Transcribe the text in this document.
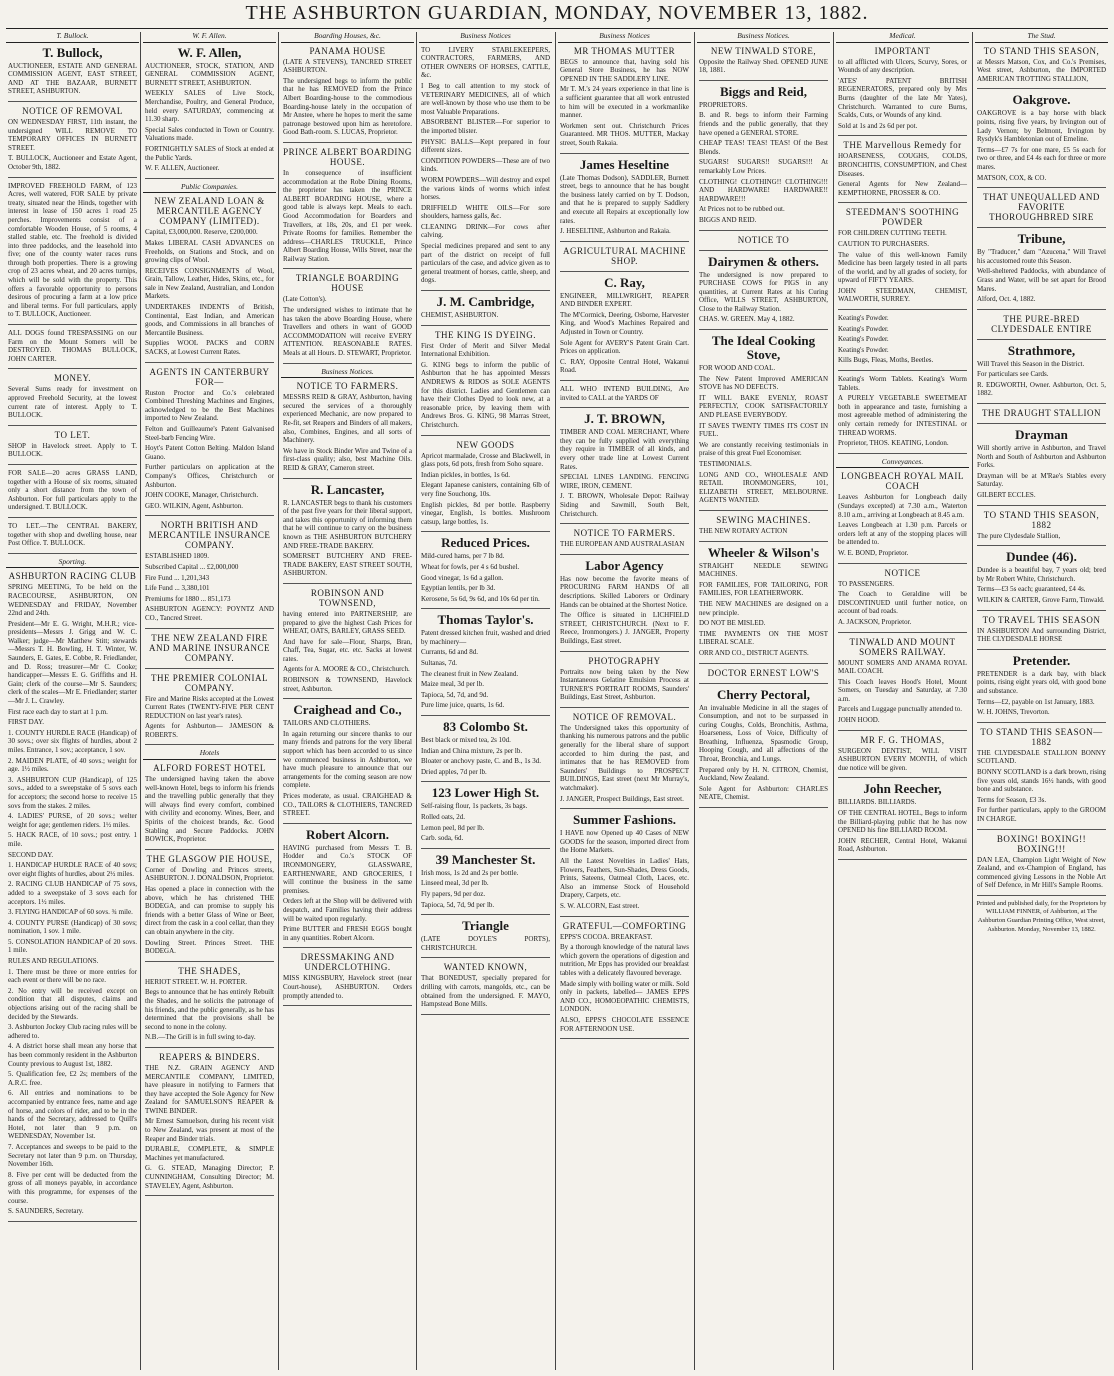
THE ASHBURTON GUARDIAN, MONDAY, NOVEMBER 13, 1882.
T. Bullock.
T. Bullock,

AUCTIONEER, ESTATE AND GENERAL COMMISSION AGENT, EAST STREET, AND AT THE BAZAAR, BURNETT STREET, ASHBURTON.

NOTICE OF REMOVAL

ON WEDNESDAY FIRST, 11th instant, the undersigned WILL REMOVE TO TEMPORARY OFFICES IN BURNETT STREET.

T. BULLOCK, Auctioneer and Estate Agent, October 9th, 1882.

IMPROVED FREEHOLD FARM, of 123 Acres, well watered, FOR SALE by private treaty, situated near the Hinds, together with interest in lease of 150 acres 1 road 25 perches. Improvements consist of a comfortable Wooden House, of 5 rooms, 4 stalled stable, etc. The freehold is divided into three paddocks, and the leasehold into five; one of the county water races runs through both properties. There is a growing crop of 23 acres wheat, and 20 acres turnips, which will be sold with the property. This offers a favorable opportunity to persons desirous of procuring a farm at a low price and liberal terms. For full particulars, apply to T. BULLOCK, Auctioneer.

ALL DOGS found TRESPASSING on our Farm on the Mount Somers will be DESTROYED. THOMAS BULLOCK, JOHN CARTER.

MONEY.

Several Sums ready for investment on approved Freehold Security, at the lowest current rate of interest. Apply to T. BULLOCK.

TO LET.

SHOP in Havelock street. Apply to T. BULLOCK.

FOR SALE—20 acres GRASS LAND, together with a House of six rooms, situated only a short distance from the town of Ashburton. For full particulars apply to the undersigned. T. BULLOCK.

TO LET.—The CENTRAL BAKERY, together with shop and dwelling house, near Post Office. T. BULLOCK.

Sporting.
ASHBURTON RACING CLUB

SPRING MEETING, To be held on the RACECOURSE, ASHBURTON, ON WEDNESDAY and FRIDAY, November 22nd and 24th.

President—Mr E. G. Wright, M.H.R.; vice-presidents—Messrs J. Grigg and W. C. Walker; judge—Mr Matthew Stitt; stewards—Messrs T. H. Bowling, H. T. Winter, W. Saunders, E. Gates, E. Cobbe, R. Friedlander, and D. Ross; treasurer—Mr C. Cooke; handicapper—Messrs E. G. Griffiths and H. Gain; clerk of the course—Mr S. Saunders; clerk of the scales—Mr E. Friedlander; starter—Mr J. L. Crawley.

First race each day to start at 1 p.m.

FIRST DAY.

1. COUNTY HURDLE RACE (Handicap) of 30 sovs.; over six flights of hurdles, about 2 miles. Entrance, 1 sov.; acceptance, 1 sov.

2. MAIDEN PLATE, of 40 sovs.; weight for age. 1½ miles.

3. ASHBURTON CUP (Handicap), of 125 sovs., added to a sweepstake of 5 sovs each for acceptors; the second horse to receive 15 sovs from the stakes. 2 miles.

4. LADIES' PURSE, of 20 sovs.; welter weight for age; gentlemen riders. 1½ miles.

5. HACK RACE, of 10 sovs.; post entry. 1 mile.

SECOND DAY.

1. HANDICAP HURDLE RACE of 40 sovs; over eight flights of hurdles, about 2½ miles.

2. RACING CLUB HANDICAP of 75 sovs, added to a sweepstake of 3 sovs each for acceptors. 1½ miles.

3. FLYING HANDICAP of 60 sovs. ¾ mile.

4. COUNTY PURSE (Handicap) of 30 sovs; nomination, 1 sov. 1 mile.

5. CONSOLATION HANDICAP of 20 sovs. 1 mile.

RULES AND REGULATIONS.

1. There must be three or more entries for each event or there will be no race.

2. No entry will be received except on condition that all disputes, claims and objections arising out of the racing shall be decided by the Stewards.

3. Ashburton Jockey Club racing rules will be adhered to.

4. A district horse shall mean any horse that has been commonly resident in the Ashburton County previous to August 1st, 1882.

5. Qualification fee, £2 2s; members of the A.R.C. free.

6. All entries and nominations to be accompanied by entrance fees, name and age of horse, and colors of rider, and to be in the hands of the Secretary, addressed to Quill's Hotel, not later than 9 p.m. on WEDNESDAY, November 1st.

7. Acceptances and sweeps to be paid to the Secretary not later than 9 p.m. on Thursday, November 16th.

8. Five per cent will be deducted from the gross of all moneys payable, in accordance with this programme, for expenses of the course.

S. SAUNDERS, Secretary.

W. F. Allen.
W. F. Allen,

AUCTIONEER, STOCK, STATION, AND GENERAL COMMISSION AGENT, BURNETT STREET, ASHBURTON.

WEEKLY SALES of Live Stock, Merchandise, Poultry, and General Produce, held every SATURDAY, commencing at 11.30 sharp.

Special Sales conducted in Town or Country. Valuations made.

FORTNIGHTLY SALES of Stock at ended at the Public Yards.

W. F. ALLEN, Auctioneer.

Public Companies.
NEW ZEALAND LOAN & MERCANTILE AGENCY COMPANY (LIMITED).

Capital, £3,000,000. Reserve, £200,000.

Makes LIBERAL CASH ADVANCES on Freeholds, on Stations and Stock, and on growing clips of Wool.

RECEIVES CONSIGNMENTS of Wool, Grain, Tallow, Leather, Hides, Skins, etc., for sale in New Zealand, Australian, and London Markets.

UNDERTAKES INDENTS of British, Continental, East Indian, and American goods, and Commissions in all branches of Mercantile Business.

Supplies WOOL PACKS and CORN SACKS, at Lowest Current Rates.

AGENTS IN CANTERBURY FOR—

Ruston Proctor and Co.'s celebrated Combined Threshing Machines and Engines, acknowledged to be the Best Machines imported to New Zealand.

Felton and Guilleaume's Patent Galvanised Steel-barb Fencing Wire.

Hoyt's Patent Cotton Belting. Maldon Island Guano.

Further particulars on application at the Company's Offices, Christchurch or Ashburton.

JOHN COOKE, Manager, Christchurch.

GEO. WILKIN, Agent, Ashburton.

NORTH BRITISH AND MERCANTILE INSURANCE COMPANY.

ESTABLISHED 1809.

Subscribed Capital ... £2,000,000

Fire Fund ... 1,201,343

Life Fund ... 3,380,101

Premiums for 1880 ... 851,173

ASHBURTON AGENCY: POYNTZ AND CO., Tancred Street.

THE NEW ZEALAND FIRE AND MARINE INSURANCE COMPANY.
THE PREMIER COLONIAL COMPANY.

Fire and Marine Risks accepted at the Lowest Current Rates (TWENTY-FIVE PER CENT REDUCTION on last year's rates).

Agents for Ashburton— JAMESON & ROBERTS.

Hotels
ALFORD FOREST HOTEL

The undersigned having taken the above well-known Hotel, begs to inform his friends and the travelling public generally that they will always find every comfort, combined with civility and economy. Wines, Beer, and Spirits of the choicest brands, &c. Good Stabling and Secure Paddocks. JOHN BOWICK, Proprietor.

THE GLASGOW PIE HOUSE,

Corner of Dowling and Princes streets, ASHBURTON. J. DONALDSON, Proprietor.

Has opened a place in connection with the above, which he has christened THE BODEGA, and can promise to supply his friends with a better Glass of Wine or Beer, direct from the cask in a cool cellar, than they can obtain anywhere in the city.

Dowling Street. Princes Street. THE BODEGA.

THE SHADES,

HERIOT STREET. W. H. PORTER.

Begs to announce that he has entirely Rebuilt the Shades, and he solicits the patronage of his friends, and the public generally, as he has determined that the provisions shall be second to none in the colony.

N.B.—The Grill is in full swing to-day.

REAPERS & BINDERS.

THE N.Z. GRAIN AGENCY AND MERCANTILE COMPANY, LIMITED, have pleasure in notifying to Farmers that they have accepted the Sole Agency for New Zealand for SAMUELSON'S REAPER & TWINE BINDER.

Mr Ernest Samuelson, during his recent visit to New Zealand, was present at most of the Reaper and Binder trials.

DURABLE, COMPLETE, & SIMPLE Machines yet manufactured.

G. G. STEAD, Managing Director; P. CUNNINGHAM, Consulting Director; M. STAVELEY, Agent, Ashburton.

Boarding Houses, &c.
PANAMA HOUSE

(LATE A STEVENS), TANCRED STREET ASHBURTON.

The undersigned begs to inform the public that he has REMOVED from the Prince Albert Boarding-house to the commodious Boarding-house lately in the occupation of Mr Anstee, where he hopes to merit the same patronage bestowed upon him as heretofore. Good Bath-room. S. LUCAS, Proprietor.

PRINCE ALBERT BOARDING HOUSE.

In consequence of insufficient accommodation at the Robe Dining Rooms, the proprietor has taken the PRINCE ALBERT BOARDING HOUSE, where a good table is always kept. Meals to each. Good Accommodation for Boarders and Travellers, at 18s, 20s, and £1 per week. Private Rooms for families. Remember the address—CHARLES TRUCKLE, Prince Albert Boarding House, Wills Street, near the Railway Station.

TRIANGLE BOARDING HOUSE

(Late Cotton's).

The undersigned wishes to intimate that he has taken the above Boarding House, where Travellers and others in want of GOOD ACCOMMODATION will receive EVERY ATTENTION. REASONABLE RATES. Meals at all Hours. D. STEWART, Proprietor.

Business Notices.
NOTICE TO FARMERS.

MESSRS REID & GRAY, Ashburton, having secured the services of a thoroughly experienced Mechanic, are now prepared to Re-fit, set Reapers and Binders of all makers, also, Combines, Engines, and all sorts of Machinery.

We have in Stock Binder Wire and Twine of a first-class quality; also, best Machine Oils. REID & GRAY, Cameron street.

R. Lancaster,

R. LANCASTER begs to thank his customers of the past five years for their liberal support, and takes this opportunity of informing them that he will continue to carry on the business known as THE ASHBURTON BUTCHERY AND FREE-TRADE BAKERY.

SOMERSET BUTCHERY AND FREE-TRADE BAKERY, EAST STREET SOUTH, ASHBURTON.

ROBINSON AND TOWNSEND,

having entered into PARTNERSHIP, are prepared to give the highest Cash Prices for WHEAT, OATS, BARLEY, GRASS SEED.

And have for sale—Flour, Sharps, Bran, Chaff, Tea, Sugar, etc. etc. Sacks at lowest rates.

Agents for A. MOORE & CO., Christchurch.

ROBINSON & TOWNSEND, Havelock street, Ashburton.

Craighead and Co.,

TAILORS AND CLOTHIERS.

In again returning our sincere thanks to our many friends and patrons for the very liberal support which has been accorded to us since we commenced business in Ashburton, we have much pleasure to announce that our arrangements for the coming season are now complete.

Prices moderate, as usual. CRAIGHEAD & CO., TAILORS & CLOTHIERS, TANCRED STREET.

Robert Alcorn.

HAVING purchased from Messrs T. B. Hodder and Co.'s STOCK OF IRONMONGERY, GLASSWARE, EARTHENWARE, AND GROCERIES, I will continue the business in the same premises.

Orders left at the Shop will be delivered with despatch, and Families having their address will be waited upon regularly.

Prime BUTTER and FRESH EGGS bought in any quantities. Robert Alcorn.

DRESSMAKING AND UNDERCLOTHING.

MISS KINGSBURY, Havelock street (near Court-house), ASHBURTON. Orders promptly attended to.

Business Notices

TO LIVERY STABLEKEEPERS, CONTRACTORS, FARMERS, AND OTHER OWNERS OF HORSES, CATTLE, &c.

I Beg to call attention to my stock of VETERINARY MEDICINES, all of which are well-known by those who use them to be most Valuable Preparations.

ABSORBENT BLISTER—For superior to the imported blister.

PHYSIC BALLS—Kept prepared in four different sizes.

CONDITION POWDERS—These are of two kinds.

WORM POWDERS—Will destroy and expel the various kinds of worms which infest horses.

DRIFFIELD WHITE OILS—For sore shoulders, harness galls, &c.

CLEANING DRINK—For cows after calving.

Special medicines prepared and sent to any part of the district on receipt of full particulars of the case, and advice given as to general treatment of horses, cattle, sheep, and dogs.

J. M. Cambridge,

CHEMIST, ASHBURTON.

THE KING IS DYEING.

First Order of Merit and Silver Medal International Exhibition.

G. KING begs to inform the public of Ashburton that he has appointed Messrs ANDREWS & RIDOS as SOLE AGENTS for this district. Ladies and Gentlemen can have their Clothes Dyed to look new, at a reasonable price, by leaving them with Andrews Bros. G. KING, 98 Marras Street, Christchurch.

NEW GOODS

Apricot marmalade, Crosse and Blackwell, in glass pots, 6d pots, fresh from Soho square.

Indian pickles, in bottles, 1s 6d.

Elegant Japanese canisters, containing 6lb of very fine Souchong, 10s.

English pickles, 8d per bottle. Raspberry vinegar, English, 1s bottles. Mushroom catsup, large bottles, 1s.

Reduced Prices.

Mild-cured hams, per 7 lb 8d.

Wheat for fowls, per 4 s 6d bushel.

Good vinegar, 1s 6d a gallon.

Egyptian lentils, per lb 3d.

Kerosene, 5s 6d, 9s 6d, and 10s 6d per tin.

Thomas Taylor's.

Patent dressed kitchen fruit, washed and dried by machinery—

Currants, 6d and 8d.

Sultanas, 7d.

The cleanest fruit in New Zealand.

Maize meal, 3d per lb.

Tapioca, 5d, 7d, and 9d.

Pure lime juice, quarts, 1s 6d.

83 Colombo St.

Best black or mixed tea, 2s 10d.

Indian and China mixture, 2s per lb.

Bloater or anchovy paste, C. and B., 1s 3d.

Dried apples, 7d per lb.

123 Lower High St.

Self-raising flour, 1s packets, 3s bags.

Rolled oats, 2d.

Lemon peel, 8d per lb.

Carb. soda, 6d.

39 Manchester St.

Irish moss, 1s 2d and 2s per bottle.

Linseed meal, 3d per lb.

Fly papers, 9d per doz.

Tapioca, 5d, 7d, 9d per lb.

Triangle

(LATE DOYLE'S PORTS), CHRISTCHURCH.

WANTED KNOWN,

That BONEDUST, specially prepared for drilling with carrots, mangolds, etc., can be obtained from the undersigned. F. MAYO, Hampstead Bone Mills.

Business Notices
MR THOMAS MUTTER

BEGS to announce that, having sold his General Store Business, he has NOW OPENED IN THE SADDLERY LINE.

Mr T. M.'s 24 years experience in that line is a sufficient guarantee that all work entrusted to him will be executed in a workmanlike manner.

Workmen sent out. Christchurch Prices Guaranteed. MR THOS. MUTTER, Mackay street, South Rakaia.

James Heseltine

(Late Thomas Dodson), SADDLER, Burnett street, begs to announce that he has bought the business lately carried on by T. Dodson, and that he is prepared to supply Saddlery and execute all Repairs at exceptionally low rates.

J. HESELTINE, Ashburton and Rakaia.

AGRICULTURAL MACHINE SHOP.
C. Ray,

ENGINEER, MILLWRIGHT, REAPER AND BINDER EXPERT.

The M'Cormick, Deering, Osborne, Harvester King, and Wood's Machines Repaired and Adjusted in Town or Country.

Sole Agent for AVERY'S Patent Grain Cart. Prices on application.

C. RAY, Opposite Central Hotel, Wakanui Road.

ALL WHO INTEND BUILDING, Are invited to CALL at the YARDS OF

J. T. BROWN,

TIMBER AND COAL MERCHANT, Where they can be fully supplied with everything they require in TIMBER of all kinds, and every other trade line at Lowest Current Rates.

SPECIAL LINES LANDING. FENCING WIRE, IRON, CEMENT.

J. T. BROWN, Wholesale Depot: Railway Siding and Sawmill, South Belt, Christchurch.

NOTICE TO FARMERS.

THE EUROPEAN AND AUSTRALASIAN

Labor Agency

Has now become the favorite means of PROCURING FARM HANDS Of all descriptions. Skilled Laborers or Ordinary Hands can be obtained at the Shortest Notice.

The Office is situated in LICHFIELD STREET, CHRISTCHURCH. (Next to F. Reece, Ironmongers.) J. JANGER, Property Buildings, East street.

PHOTOGRAPHY

Portraits now being taken by the New Instantaneous Gelatine Emulsion Process at TURNER'S PORTRAIT ROOMS, Saunders' Buildings, East Street, Ashburton.

NOTICE OF REMOVAL.

The Undersigned takes this opportunity of thanking his numerous patrons and the public generally for the liberal share of support accorded to him during the past, and intimates that he has REMOVED from Saunders' Buildings to PROSPECT BUILDINGS, East street (next Mr Murray's, watchmaker).

J. JANGER, Prospect Buildings, East street.

Summer Fashions.

I HAVE now Opened up 40 Cases of NEW GOODS for the season, imported direct from the Home Markets.

All the Latest Novelties in Ladies' Hats, Flowers, Feathers, Sun-Shades, Dress Goods, Prints, Sateens, Oatmeal Cloth, Laces, etc. Also an immense Stock of Household Drapery, Carpets, etc.

S. W. ALCORN, East street.

GRATEFUL—COMFORTING

EPPS'S COCOA. BREAKFAST.

By a thorough knowledge of the natural laws which govern the operations of digestion and nutrition, Mr Epps has provided our breakfast tables with a delicately flavoured beverage.

Made simply with boiling water or milk. Sold only in packets, labelled— JAMES EPPS AND CO., HOMOEOPATHIC CHEMISTS, LONDON.

ALSO, EPPS'S CHOCOLATE ESSENCE FOR AFTERNOON USE.

Business Notices.
NEW TINWALD STORE,

Opposite the Railway Shed. OPENED JUNE 18, 1881.

Biggs and Reid,

PROPRIETORS.

B. and R. begs to inform their Farming friends and the public generally, that they have opened a GENERAL STORE.

CHEAP TEAS! TEAS! TEAS! Of the Best Blends.

SUGARS! SUGARS!! SUGARS!!! At remarkably Low Prices.

CLOTHING! CLOTHING!! CLOTHING!!! AND HARDWARE! HARDWARE!! HARDWARE!!!

At Prices not to be rubbed out.

BIGGS AND REID.

NOTICE TO
Dairymen & others.

The undersigned is now prepared to PURCHASE COWS for PIGS in any quantities, at Current Rates at his Curing Office, WILLS STREET, ASHBURTON, Close to the Railway Station.

CHAS. W. GREEN. May 4, 1882.

The Ideal Cooking Stove,

FOR WOOD AND COAL.

The New Patent Improved AMERICAN STOVE has NO DEFECTS.

IT WILL BAKE EVENLY, ROAST PERFECTLY, COOK SATISFACTORILY AND PLEASE EVERYBODY.

IT SAVES TWENTY TIMES ITS COST IN FUEL.

We are constantly receiving testimonials in praise of this great Fuel Economiser.

TESTIMONIALS.

LONG AND CO., WHOLESALE AND RETAIL IRONMONGERS, 101, ELIZABETH STREET, MELBOURNE. AGENTS WANTED.

SEWING MACHINES.

THE NEW ROTARY ACTION

Wheeler & Wilson's

STRAIGHT NEEDLE SEWING MACHINES.

FOR FAMILIES, FOR TAILORING, FOR FAMILIES, FOR LEATHERWORK.

THE NEW MACHINES are designed on a new principle.

DO NOT BE MISLED.

TIME PAYMENTS ON THE MOST LIBERAL SCALE.

ORR AND CO., DISTRICT AGENTS.

DOCTOR ERNEST LOW'S
Cherry Pectoral,

An invaluable Medicine in all the stages of Consumption, and not to be surpassed in curing Coughs, Colds, Bronchitis, Asthma, Hoarseness, Loss of Voice, Difficulty of Breathing, Influenza, Spasmodic Group, Hooping Cough, and all affections of the Throat, Bronchia, and Lungs.

Prepared only by H. N. CITRON, Chemist, Auckland, New Zealand.

Sole Agent for Ashburton: CHARLES NEATE, Chemist.

Medical.
IMPORTANT

to all afflicted with Ulcers, Scurvy, Sores, or Wounds of any description.

'ATES' PATENT BRITISH REGENERATORS, prepared only by Mrs Burns (daughter of the late Mr Yates), Christchurch. Warranted to cure Burns, Scalds, Cuts, or Wounds of any kind.

Sold at 1s and 2s 6d per pot.

THE Marvellous Remedy for

HOARSENESS, COUGHS, COLDS, BRONCHITIS, CONSUMPTION, and Chest Diseases.

General Agents for New Zealand— KEMPTHORNE, PROSSER & CO.

STEEDMAN'S SOOTHING POWDER

FOR CHILDREN CUTTING TEETH.

CAUTION TO PURCHASERS.

The value of this well-known Family Medicine has been largely tested in all parts of the world, and by all grades of society, for upward of FIFTY YEARS.

JOHN STEEDMAN, CHEMIST, WALWORTH, SURREY.

Keating's Powder.

Keating's Powder.

Keating's Powder.

Keating's Powder.

Kills Bugs, Fleas, Moths, Beetles.

Keating's Worm Tablets. Keating's Worm Tablets.

A PURELY VEGETABLE SWEETMEAT both in appearance and taste, furnishing a most agreeable method of administering the only certain remedy for INTESTINAL or THREAD WORMS.

Proprietor, THOS. KEATING, London.

Conveyances.
LONGBEACH ROYAL MAIL COACH

Leaves Ashburton for Longbeach daily (Sundays excepted) at 7.30 a.m., Waterton 8.10 a.m., arriving at Longbeach at 8.45 a.m.

Leaves Longbeach at 1.30 p.m. Parcels or orders left at any of the stopping places will be attended to.

W. E. BOND, Proprietor.

NOTICE

TO PASSENGERS.

The Coach to Geraldine will be DISCONTINUED until further notice, on account of bad roads.

A. JACKSON, Proprietor.

TINWALD AND MOUNT SOMERS RAILWAY.

MOUNT SOMERS AND ANAMA ROYAL MAIL COACH.

This Coach leaves Hood's Hotel, Mount Somers, on Tuesday and Saturday, at 7.30 a.m.

Parcels and Luggage punctually attended to.

JOHN HOOD.

MR F. G. THOMAS,

SURGEON DENTIST, WILL VISIT ASHBURTON EVERY MONTH, of which due notice will be given.

John Reecher,

BILLIARDS. BILLIARDS.

OF THE CENTRAL HOTEL, Begs to inform the Billiard-playing public that he has now OPENED his fine BILLIARD ROOM.

JOHN RECHER, Central Hotel, Wakanui Road, Ashburton.

The Stud.
TO STAND THIS SEASON,

at Messrs Matson, Cox, and Co.'s Premises, West street, Ashburton, the IMPORTED AMERICAN TROTTING STALLION,

Oakgrove.

OAKGROVE is a bay horse with black points, rising five years, by Irvington out of Lady Vernon; by Belmont, Irvington by Rysdyk's Hambletonian out of Emeline.

Terms—£7 7s for one mare, £5 5s each for two or three, and £4 4s each for three or more mares.

MATSON, COX, & CO.

THAT UNEQUALLED AND FAVORITE THOROUGHBRED SIRE
Tribune,

By "Traducer," dam "Azucena," Will Travel his accustomed route this Season.

Well-sheltered Paddocks, with abundance of Grass and Water, will be set apart for Brood Mares.

Alford, Oct. 4, 1882.

THE PURE-BRED CLYDESDALE ENTIRE
Strathmore,

Will Travel this Season in the District.

For particulars see Cards.

R. EDGWORTH, Owner. Ashburton, Oct. 5, 1882.

THE DRAUGHT STALLION
Drayman

Will shortly arrive in Ashburton, and Travel North and South of Ashburton and Ashburton Forks.

Drayman will be at M'Rae's Stables every Saturday.

GILBERT ECCLES.

TO STAND THIS SEASON, 1882

The pure Clydesdale Stallion,

Dundee (46).

Dundee is a beautiful bay, 7 years old; bred by Mr Robert White, Christchurch.

Terms—£3 5s each; guaranteed, £4 4s.

WILKIN & CARTER, Grove Farm, Tinwald.

TO TRAVEL THIS SEASON

IN ASHBURTON And surrounding District, THE CLYDESDALE HORSE

Pretender.

PRETENDER is a dark bay, with black points, rising eight years old, with good bone and substance.

Terms—£2, payable on 1st January, 1883.

W. H. JOHNS, Trevorton.

TO STAND THIS SEASON—1882

THE CLYDESDALE STALLION BONNY SCOTLAND.

BONNY SCOTLAND is a dark brown, rising five years old, stands 16½ hands, with good bone and substance.

Terms for Season, £3 3s.

For further particulars, apply to the GROOM IN CHARGE.

BOXING! BOXING!! BOXING!!!

DAN LEA, Champion Light Weight of New Zealand, and ex-Champion of England, has commenced giving Lessons in the Noble Art of Self Defence, in Mr Hill's Sample Rooms.

Printed and published daily, for the Proprietors by WILLIAM FINNER, of Ashburton, at The Ashburton Guardian Printing Office, West street, Ashburton. Monday, November 13, 1882.
